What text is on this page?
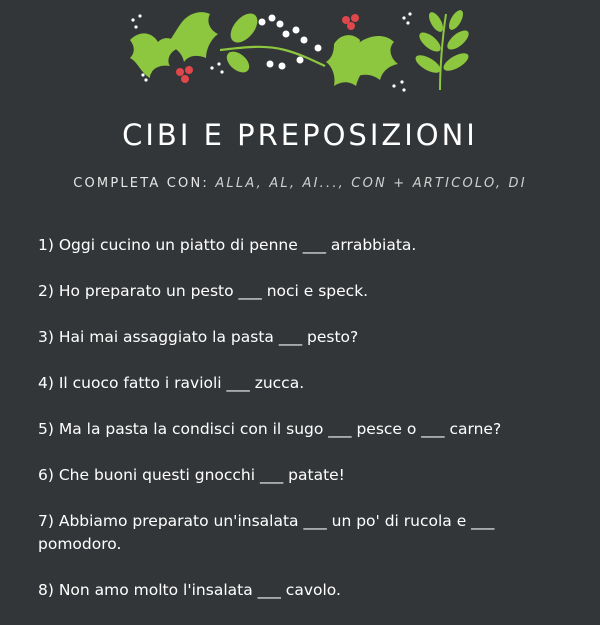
CIBI E PREPOSIZIONI
COMPLETA CON: ALLA, AL, AI..., CON + ARTICOLO, DI
1) Oggi cucino un piatto di penne ___ arrabbiata.
2) Ho preparato un pesto ___ noci e speck.
3) Hai mai assaggiato la pasta ___ pesto?
4) Il cuoco fatto i ravioli ___ zucca.
5) Ma la pasta la condisci con il sugo ___ pesce o ___ carne?
6) Che buoni questi gnocchi ___ patate!
7) Abbiamo preparato un'insalata ___ un po' di rucola e ___ pomodoro.
8) Non amo molto l'insalata ___ cavolo.
